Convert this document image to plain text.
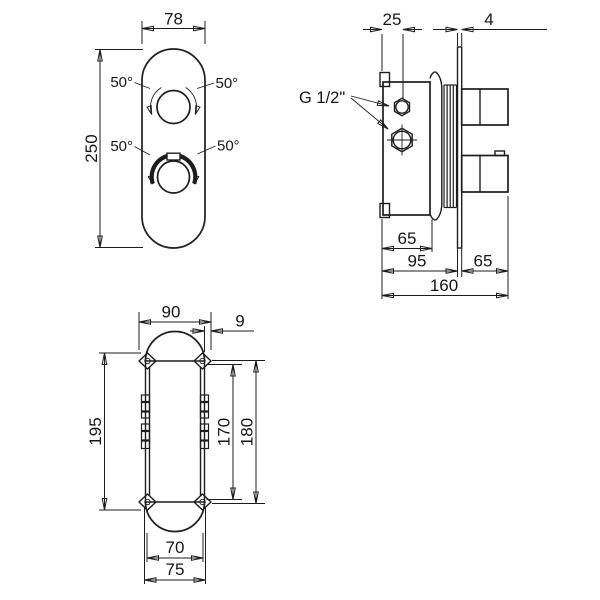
78
250
50°	50°
50°	50°
25	4
G 1/2"
65
95	65
160
90	9
195	170 180
70
75
